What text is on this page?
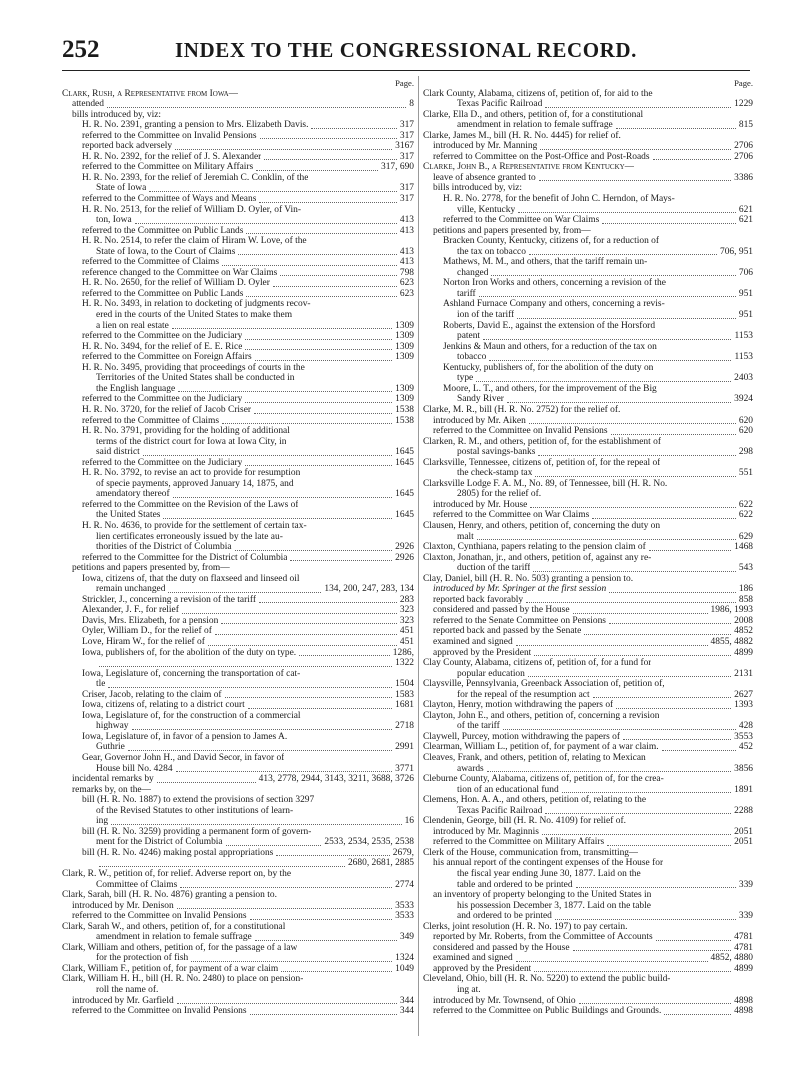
252	INDEX TO THE CONGRESSIONAL RECORD.
Page.
Clark, Rush, a Representative from Iowa—
attended	8
bills introduced by, viz:
H. R. No. 2391, granting a pension to Mrs. Elizabeth Davis.	317
referred to the Committee on Invalid Pensions	317
reported back adversely	3167
H. R. No. 2392, for the relief of J. S. Alexander	317
referred to the Committee on Military Affairs	317, 690
H. R. No. 2393, for the relief of Jeremiah C. Conklin, of the
State of Iowa	317
referred to the Committee of Ways and Means	317
H. R. No. 2513, for the relief of William D. Oyler, of Vin-
ton, Iowa	413
referred to the Committee on Public Lands	413
H. R. No. 2514, to refer the claim of Hiram W. Love, of the
State of Iowa, to the Court of Claims	413
referred to the Committee of Claims	413
reference changed to the Committee on War Claims	798
H. R. No. 2650, for the relief of William D. Oyler	623
referred to the Committee on Public Lands	623
H. R. No. 3493, in relation to docketing of judgments recov-
ered in the courts of the United States to make them
a lien on real estate	1309
referred to the Committee on the Judiciary	1309
H. R. No. 3494, for the relief of E. E. Rice	1309
referred to the Committee on Foreign Affairs	1309
H. R. No. 3495, providing that proceedings of courts in the
Territories of the United States shall be conducted in
the English language	1309
referred to the Committee on the Judiciary	1309
H. R. No. 3720, for the relief of Jacob Criser	1538
referred to the Committee of Claims	1538
H. R. No. 3791, providing for the holding of additional
terms of the district court for Iowa at Iowa City, in
said district	1645
referred to the Committee on the Judiciary	1645
H. R. No. 3792, to revise an act to provide for resumption
of specie payments, approved January 14, 1875, and
amendatory thereof	1645
referred to the Committee on the Revision of the Laws of
the United States	1645
H. R. No. 4636, to provide for the settlement of certain tax-
lien certificates erroneously issued by the late au-
thorities of the District of Columbia	2926
referred to the Committee for the District of Columbia	2926
petitions and papers presented by, from—
Iowa, citizens of, that the duty on flaxseed and linseed oil
remain unchanged	134, 200, 247, 283, 134
Strickler, J., concerning a revision of the tariff	283
Alexander, J. F., for relief	323
Davis, Mrs. Elizabeth, for a pension	323
Oyler, William D., for the relief of	451
Love, Hiram W., for the relief of	451
Iowa, publishers of, for the abolition of the duty on type.	1286,
1322
Iowa, Legislature of, concerning the transportation of cat-
tle	1504
Criser, Jacob, relating to the claim of	1583
Iowa, citizens of, relating to a district court	1681
Iowa, Legislature of, for the construction of a commercial
highway	2718
Iowa, Legislature of, in favor of a pension to James A.
Guthrie	2991
Gear, Governor John H., and David Secor, in favor of
House bill No. 4284	3771
incidental remarks by	413, 2778, 2944, 3143, 3211, 3688, 3726
remarks by, on the—
bill (H. R. No. 1887) to extend the provisions of section 3297
of the Revised Statutes to other institutions of learn-
ing	16
bill (H. R. No. 3259) providing a permanent form of govern-
ment for the District of Columbia	2533, 2534, 2535, 2538
bill (H. R. No. 4246) making postal appropriations	2679,
2680, 2681, 2885
Clark, R. W., petition of, for relief. Adverse report on, by the
Committee of Claims	2774
Clark, Sarah, bill (H. R. No. 4876) granting a pension to.
introduced by Mr. Denison	3533
referred to the Committee on Invalid Pensions	3533
Clark, Sarah W., and others, petition of, for a constitutional
amendment in relation to female suffrage	349
Clark, William and others, petition of, for the passage of a law
for the protection of fish	1324
Clark, William F., petition of, for payment of a war claim	1049
Clark, William H. H., bill (H. R. No. 2480) to place on pension-
roll the name of.
introduced by Mr. Garfield	344
referred to the Committee on Invalid Pensions	344
Page.
Clark County, Alabama, citizens of, petition of, for aid to the
Texas Pacific Railroad	1229
Clarke, Ella D., and others, petition of, for a constitutional
amendment in relation to female suffrage	815
Clarke, James M., bill (H. R. No. 4445) for relief of.
introduced by Mr. Manning	2706
referred to Committee on the Post-Office and Post-Roads	2706
Clarke, John B., a Representative from Kentucky—
leave of absence granted to	3386
bills introduced by, viz:
H. R. No. 2778, for the benefit of John C. Herndon, of Mays-
ville, Kentucky	621
referred to the Committee on War Claims	621
petitions and papers presented by, from—
Bracken County, Kentucky, citizens of, for a reduction of
the tax on tobacco	706, 951
Mathews, M. M., and others, that the tariff remain un-
changed	706
Norton Iron Works and others, concerning a revision of the
tariff	951
Ashland Furnace Company and others, concerning a revis-
ion of the tariff	951
Roberts, David E., against the extension of the Horsford
patent	1153
Jenkins & Maun and others, for a reduction of the tax on
tobacco	1153
Kentucky, publishers of, for the abolition of the duty on
type	2403
Moore, L. T., and others, for the improvement of the Big
Sandy River	3924
Clarke, M. R., bill (H. R. No. 2752) for the relief of.
introduced by Mr. Aiken	620
referred to the Committee on Invalid Pensions	620
Clarken, R. M., and others, petition of, for the establishment of
postal savings-banks	298
Clarksville, Tennessee, citizens of, petition of, for the repeal of
the check-stamp tax	551
Clarksville Lodge F. A. M., No. 89, of Tennessee, bill (H. R. No.
2805) for the relief of.
introduced by Mr. House	622
referred to the Committee on War Claims	622
Clausen, Henry, and others, petition of, concerning the duty on
malt	629
Claxton, Cynthiana, papers relating to the pension claim of	1468
Claxton, Jonathan, jr., and others, petition of, against any re-
duction of the tariff	543
Clay, Daniel, bill (H. R. No. 503) granting a pension to.
introduced by Mr. Springer at the first session	186
reported back favorably	858
considered and passed by the House	1986, 1993
referred to the Senate Committee on Pensions	2008
reported back and passed by the Senate	4852
examined and signed	4855, 4882
approved by the President	4899
Clay County, Alabama, citizens of, petition of, for a fund for
popular education	2131
Claysville, Pennsylvania, Greenback Association of, petition of,
for the repeal of the resumption act	2627
Clayton, Henry, motion withdrawing the papers of	1393
Clayton, John E., and others, petition of, concerning a revision
of the tariff	428
Claywell, Purcey, motion withdrawing the papers of	3553
Clearman, William L., petition of, for payment of a war claim.	452
Cleaves, Frank, and others, petition of, relating to Mexican
awards	3856
Cleburne County, Alabama, citizens of, petition of, for the crea-
tion of an educational fund	1891
Clemens, Hon. A. A., and others, petition of, relating to the
Texas Pacific Railroad	2288
Clendenin, George, bill (H. R. No. 4109) for relief of.
introduced by Mr. Maginnis	2051
referred to the Committee on Military Affairs	2051
Clerk of the House, communication from, transmitting—
his annual report of the contingent expenses of the House for
the fiscal year ending June 30, 1877. Laid on the
table and ordered to be printed	339
an inventory of property belonging to the United States in
his possession December 3, 1877. Laid on the table
and ordered to be printed	339
Clerks, joint resolution (H. R. No. 197) to pay certain.
reported by Mr. Roberts, from the Committee of Accounts	4781
considered and passed by the House	4781
examined and signed	4852, 4880
approved by the President	4899
Cleveland, Ohio, bill (H. R. No. 5220) to extend the public build-
ing at.
introduced by Mr. Townsend, of Ohio	4898
referred to the Committee on Public Buildings and Grounds.	4898
